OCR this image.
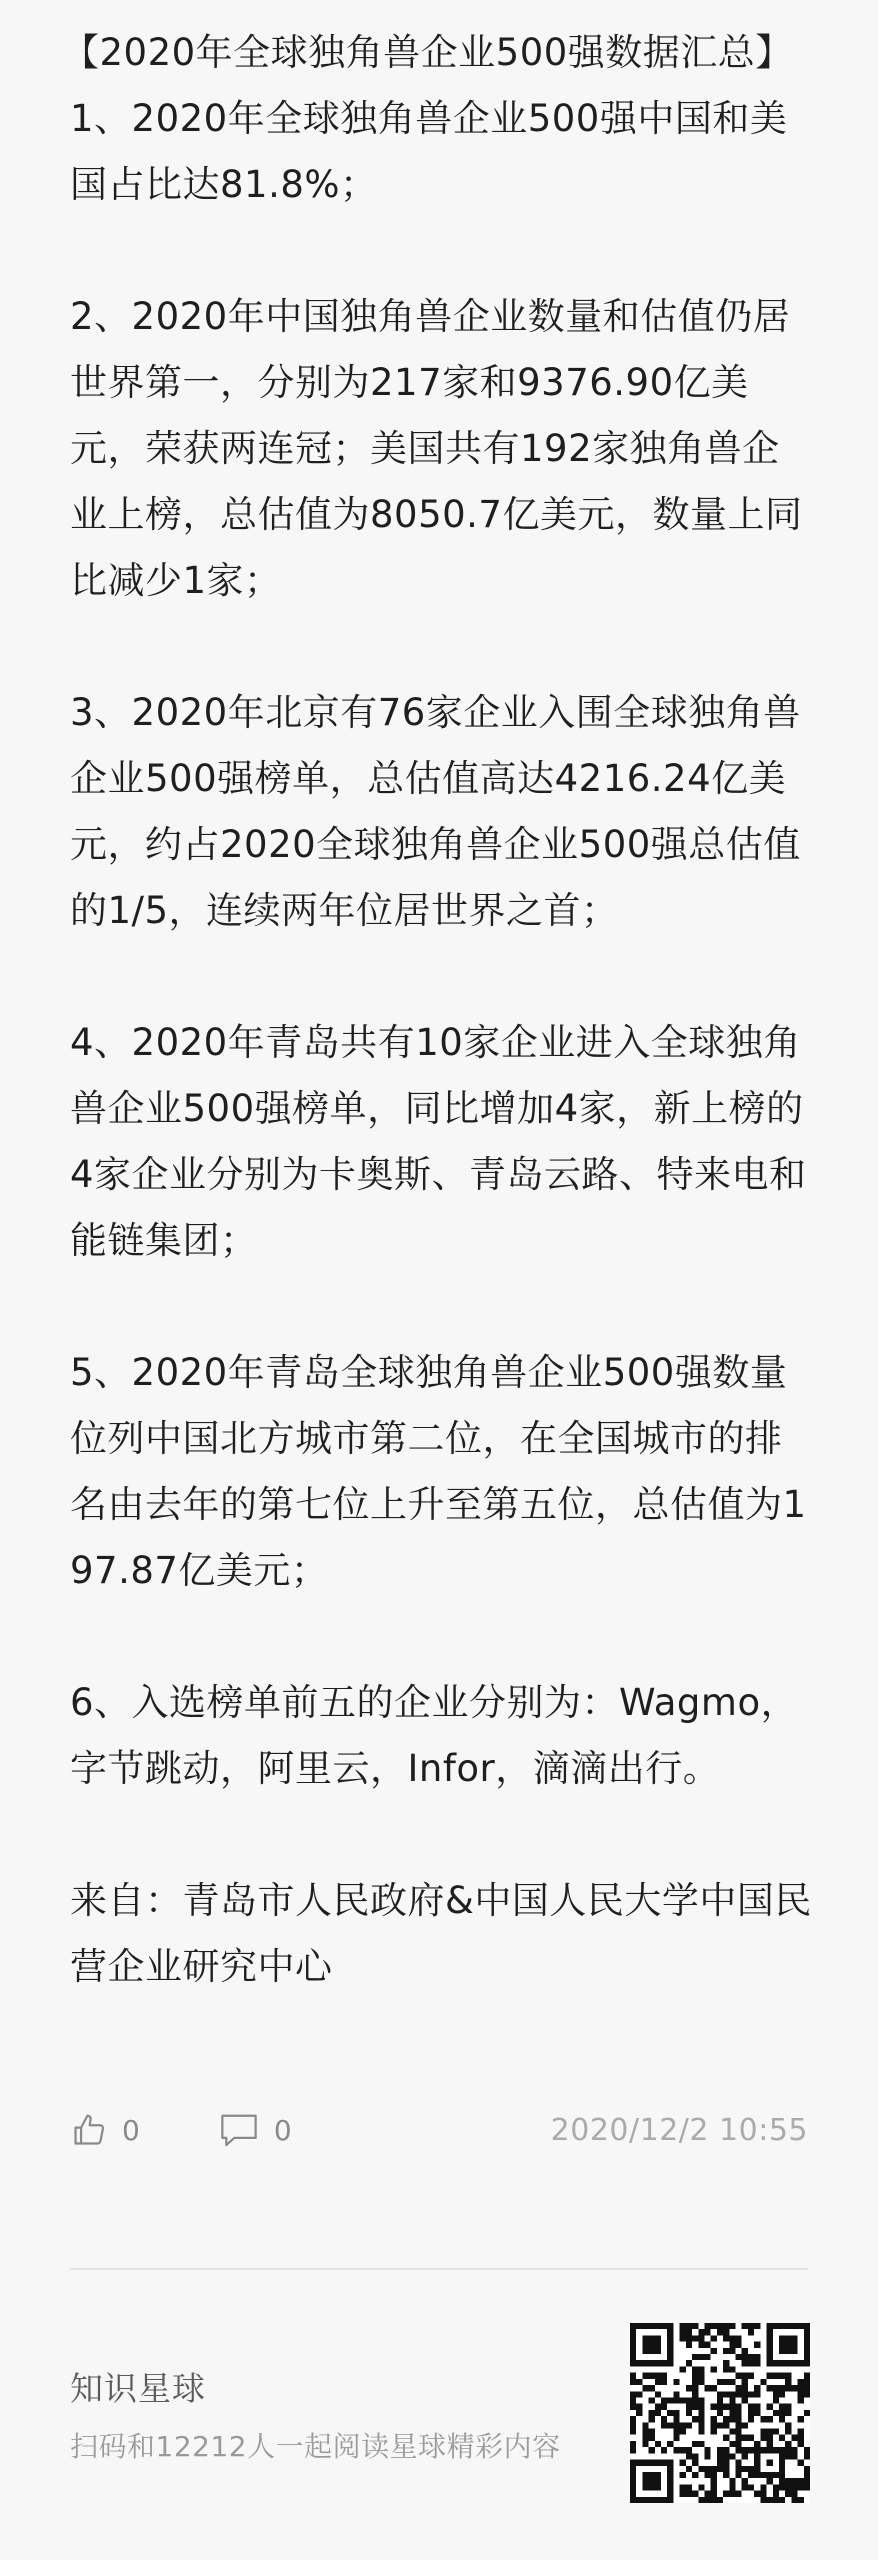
【2020年全球独角兽企业500强数据汇总】

1、2020年全球独角兽企业500强中国和美国占比达81.8%；

2、2020年中国独角兽企业数量和估值仍居世界第一，分别为217家和9376.90亿美元，荣获两连冠；美国共有192家独角兽企业上榜，总估值为8050.7亿美元，数量上同比减少1家；

3、2020年北京有76家企业入围全球独角兽企业500强榜单，总估值高达4216.24亿美元，约占2020全球独角兽企业500强总估值的1/5，连续两年位居世界之首；

4、2020年青岛共有10家企业进入全球独角兽企业500强榜单，同比增加4家，新上榜的4家企业分别为卡奥斯、青岛云路、特来电和能链集团；

5、2020年青岛全球独角兽企业500强数量位列中国北方城市第二位，在全国城市的排名由去年的第七位上升至第五位，总估值为197.87亿美元；

6、入选榜单前五的企业分别为：Wagmo，字节跳动，阿里云，Infor，滴滴出行。

来自：青岛市人民政府&中国人民大学中国民营企业研究中心

0	0	2020/12/2 10:55
知识星球
扫码和12212人一起阅读星球精彩内容
